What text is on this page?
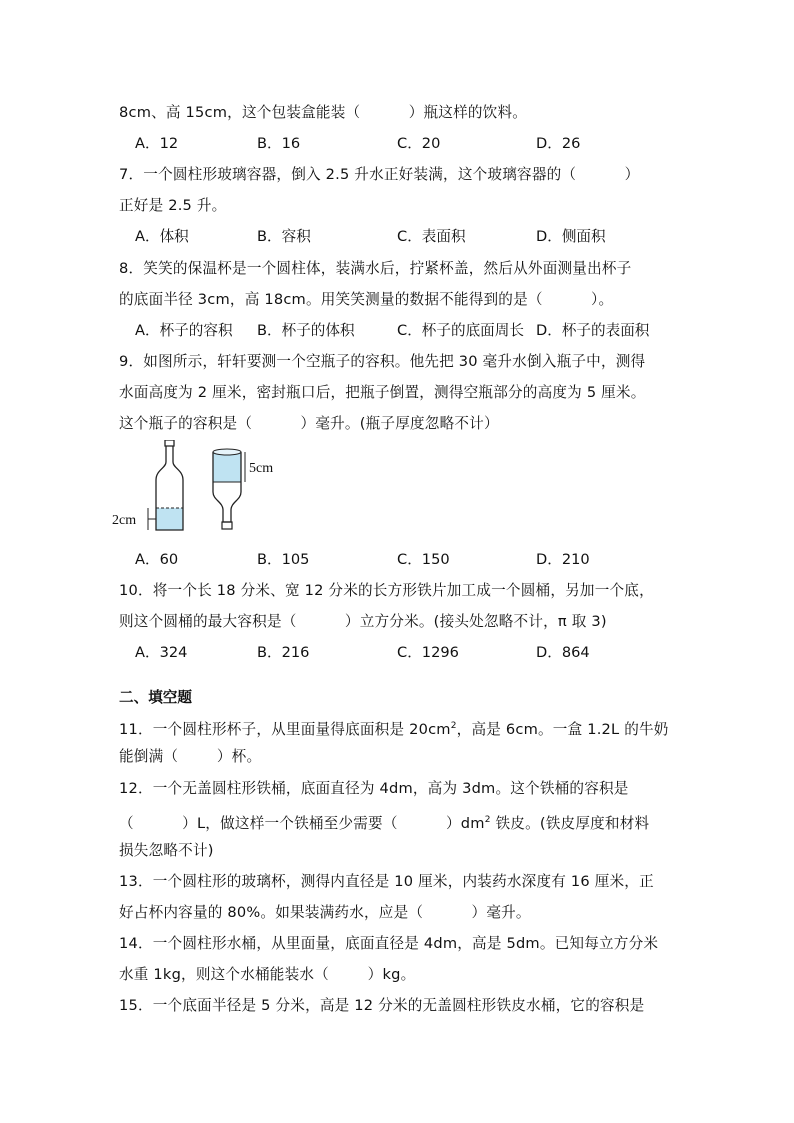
8cm、高 15cm，这个包装盒能装（          ）瓶这样的饮料。
A．12	B．16	C．20	D．26
7．一个圆柱形玻璃容器，倒入 2.5 升水正好装满，这个玻璃容器的（          ）
正好是 2.5 升。
A．体积	B．容积	C．表面积	D．侧面积
8．笑笑的保温杯是一个圆柱体，装满水后，拧紧杯盖，然后从外面测量出杯子
的底面半径 3cm，高 18cm。用笑笑测量的数据不能得到的是（          ）。
A．杯子的容积 B．杯子的体积	C．杯子的底面周长 D．杯子的表面积
9．如图所示，轩轩要测一个空瓶子的容积。他先把 30 毫升水倒入瓶子中，测得
水面高度为 2 厘米，密封瓶口后，把瓶子倒置，测得空瓶部分的高度为 5 厘米。
这个瓶子的容积是（          ）毫升。(瓶子厚度忽略不计）
2cm
5cm
A．60	B．105	C．150	D．210
10．将一个长 18 分米、宽 12 分米的长方形铁片加工成一个圆桶，另加一个底，
则这个圆桶的最大容积是（          ）立方分米。(接头处忽略不计，π 取 3)
A．324	B．216	C．1296	D．864
二、填空题
11．一个圆柱形杯子，从里面量得底面积是 $20cm^2$，高是 6cm。一盒 1.2L 的牛奶
能倒满（        ）杯。
12．一个无盖圆柱形铁桶，底面直径为 4dm，高为 3dm。这个铁桶的容积是
（          ）L，做这样一个铁桶至少需要（          ）$dm^2$ 铁皮。(铁皮厚度和材料
损失忽略不计)
13．一个圆柱形的玻璃杯，测得内直径是 10 厘米，内装药水深度有 16 厘米，正
好占杯内容量的 80%。如果装满药水，应是（          ）毫升。
14．一个圆柱形水桶，从里面量，底面直径是 4dm，高是 5dm。已知每立方分米
水重 1kg，则这个水桶能装水（        ）kg。
15．一个底面半径是 5 分米，高是 12 分米的无盖圆柱形铁皮水桶，它的容积是
